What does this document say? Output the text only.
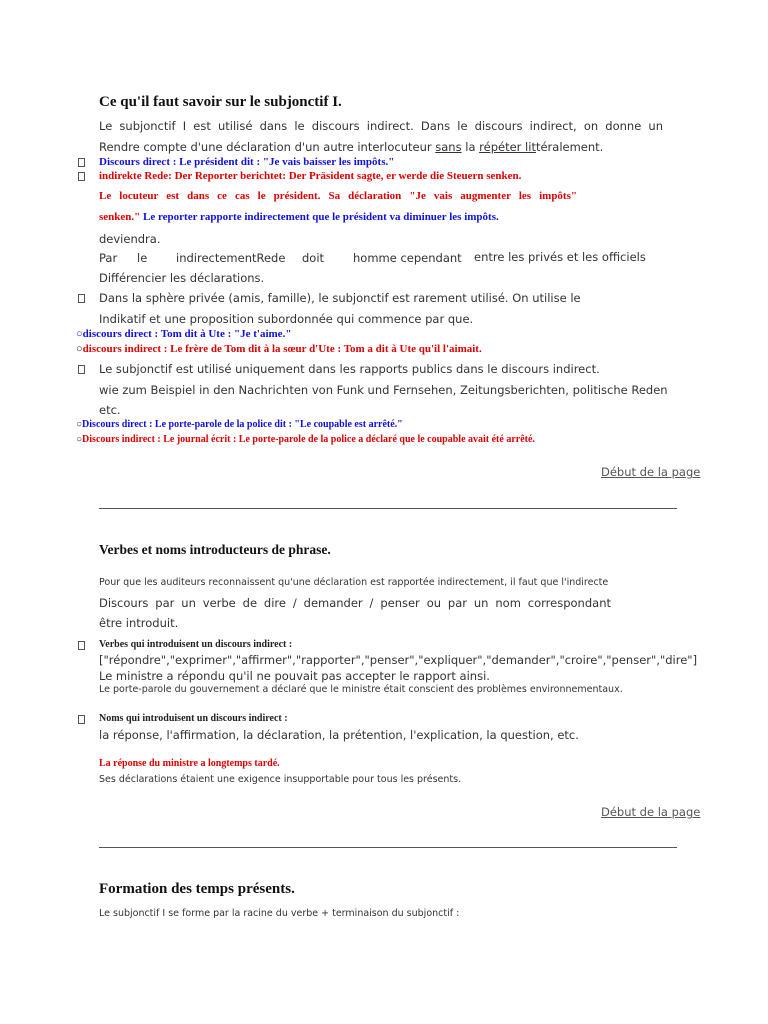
Ce qu'il faut savoir sur le subjonctif I.
Le subjonctif I est utilisé dans le discours indirect. Dans le discours indirect, on donne un
Rendre compte d'une déclaration d'un autre interlocuteur sans la répéter littéralement.
Discours direct : Le président dit : "Je vais baisser les impôts."
indirekte Rede: Der Reporter berichtet: Der Präsident sagte, er werde die Steuern senken.
Le locuteur est dans ce cas le président. Sa déclaration "Je vais augmenter les impôts"
senken." Le reporter rapporte indirectement que le président va diminuer les impôts.
deviendra.
Par le indirectementRede doit	homme cependant entre les privés et les officiels
Différencier les déclarations.
Dans la sphère privée (amis, famille), le subjonctif est rarement utilisé. On utilise le
Indikatif et une proposition subordonnée qui commence par que.
○discours direct : Tom dit à Ute : "Je t'aime."
○discours indirect : Le frère de Tom dit à la sœur d'Ute : Tom a dit à Ute qu'il l'aimait.
Le subjonctif est utilisé uniquement dans les rapports publics dans le discours indirect.
wie zum Beispiel in den Nachrichten von Funk und Fernsehen, Zeitungsberichten, politische Reden
etc.
○Discours direct : Le porte-parole de la police dit : "Le coupable est arrêté."
○Discours indirect : Le journal écrit : Le porte-parole de la police a déclaré que le coupable avait été arrêté.
Début de la page
Verbes et noms introducteurs de phrase.
Pour que les auditeurs reconnaissent qu'une déclaration est rapportée indirectement, il faut que l'indirecte
Discours par un verbe de dire / demander / penser ou par un nom correspondant
être introduit.
Verbes qui introduisent un discours indirect :
["répondre","exprimer","affirmer","rapporter","penser","expliquer","demander","croire","penser","dire"]
Le ministre a répondu qu'il ne pouvait pas accepter le rapport ainsi.
Le porte-parole du gouvernement a déclaré que le ministre était conscient des problèmes environnementaux.
Noms qui introduisent un discours indirect :
la réponse, l'affirmation, la déclaration, la prétention, l'explication, la question, etc.
La réponse du ministre a longtemps tardé.
Ses déclarations étaient une exigence insupportable pour tous les présents.
Début de la page
Formation des temps présents.
Le subjonctif I se forme par la racine du verbe + terminaison du subjonctif :
